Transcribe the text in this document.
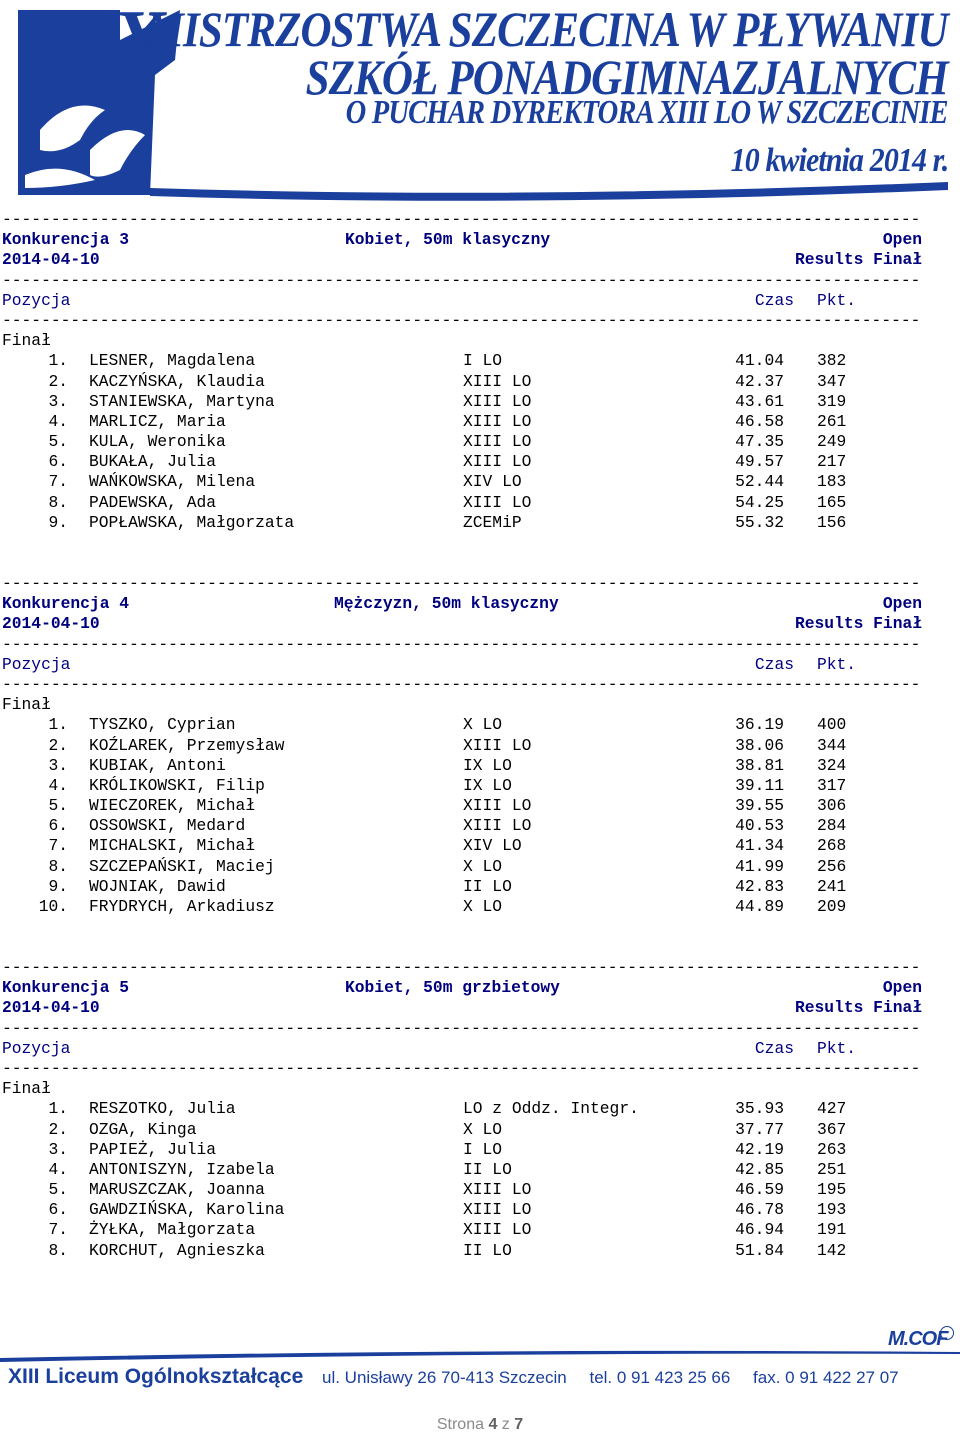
X
MISTRZOSTWA SZCZECINA W PŁYWANIU
SZKÓŁ PONADGIMNAZJALNYCH
O PUCHAR DYREKTORA XIII LO W SZCZECINIE
10 kwietnia 2014 r.
----------------------------------------------------------------------------------------------
Konkurencja 3	Kobiet, 50m klasyczny	Open
2014-04-10	Results Finał
----------------------------------------------------------------------------------------------
Pozycja	Czas Pkt.
----------------------------------------------------------------------------------------------
Finał
1. LESNER, Magdalena	I LO	41.04 382
2. KACZYŃSKA, Klaudia	XIII LO	42.37 347
3. STANIEWSKA, Martyna	XIII LO	43.61 319
4. MARLICZ, Maria	XIII LO	46.58 261
5. KULA, Weronika	XIII LO	47.35 249
6. BUKAŁA, Julia	XIII LO	49.57 217
7. WAŃKOWSKA, Milena	XIV LO	52.44 183
8. PADEWSKA, Ada	XIII LO	54.25 165
9. POPŁAWSKA, Małgorzata	ZCEMiP	55.32 156
----------------------------------------------------------------------------------------------
Konkurencja 4	Mężczyzn, 50m klasyczny	Open
2014-04-10	Results Finał
----------------------------------------------------------------------------------------------
Pozycja	Czas Pkt.
----------------------------------------------------------------------------------------------
Finał
1. TYSZKO, Cyprian	X LO	36.19 400
2. KOŹLAREK, Przemysław	XIII LO	38.06 344
3. KUBIAK, Antoni	IX LO	38.81 324
4. KRÓLIKOWSKI, Filip	IX LO	39.11 317
5. WIECZOREK, Michał	XIII LO	39.55 306
6. OSSOWSKI, Medard	XIII LO	40.53 284
7. MICHALSKI, Michał	XIV LO	41.34 268
8. SZCZEPAŃSKI, Maciej	X LO	41.99 256
9. WOJNIAK, Dawid	II LO	42.83 241
10. FRYDRYCH, Arkadiusz	X LO	44.89 209
----------------------------------------------------------------------------------------------
Konkurencja 5	Kobiet, 50m grzbietowy	Open
2014-04-10	Results Finał
----------------------------------------------------------------------------------------------
Pozycja	Czas Pkt.
----------------------------------------------------------------------------------------------
Finał
1. RESZOTKO, Julia	LO z Oddz. Integr.	35.93 427
2. OZGA, Kinga	X LO	37.77 367
3. PAPIEŻ, Julia	I LO	42.19 263
4. ANTONISZYN, Izabela	II LO	42.85 251
5. MARUSZCZAK, Joanna	XIII LO	46.59 195
6. GAWDZIŃSKA, Karolina	XIII LO	46.78 193
7. ŻYŁKA, Małgorzata	XIII LO	46.94 191
8. KORCHUT, Agnieszka	II LO	51.84 142
M.COF
XIII Liceum Ogólnokształcące ul. Unisławy 26 70-413 Szczecin tel. 0 91 423 25 66 fax. 0 91 422 27 07
Strona 4 z 7
